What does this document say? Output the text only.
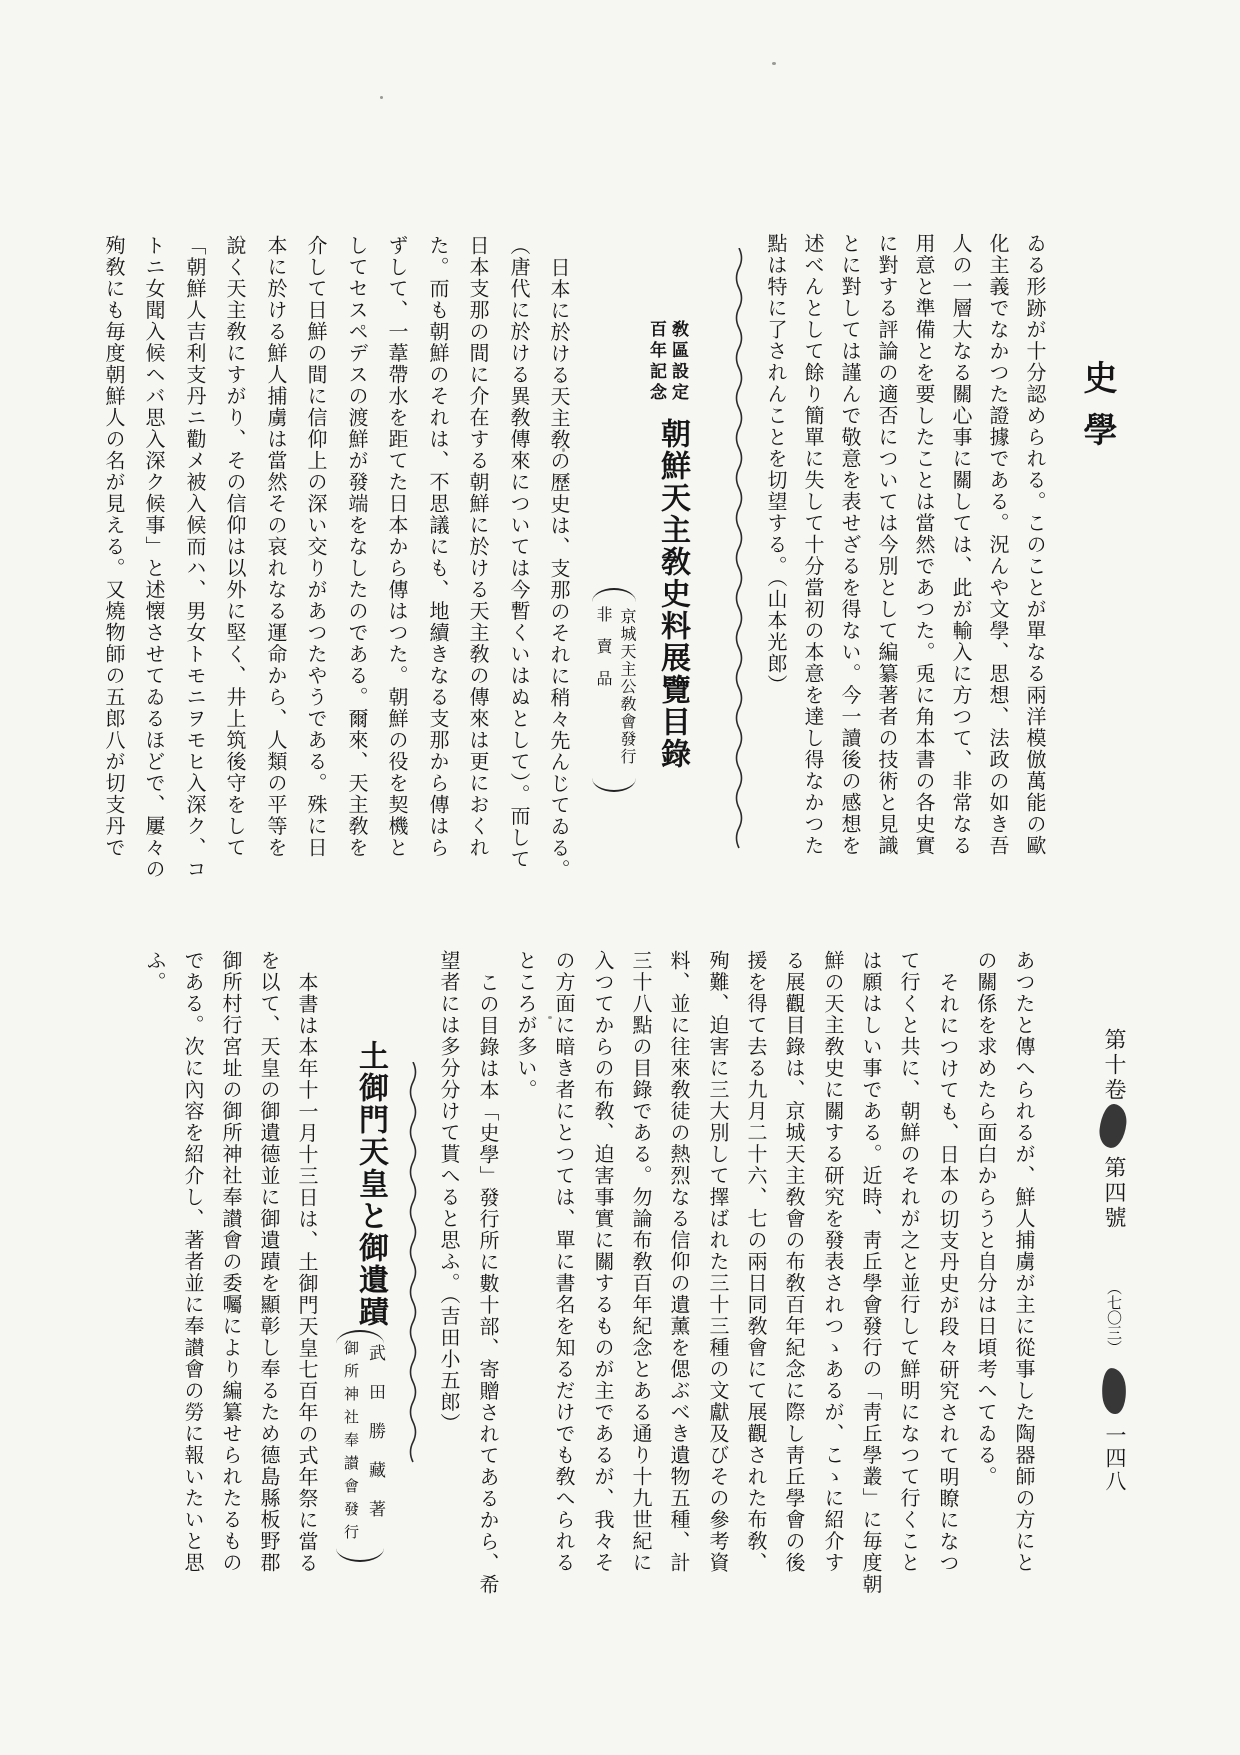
史學
ゐる形跡が十分認められる。このことが單なる兩洋模倣萬能の歐
化主義でなかつた證據である。況んや文學、思想、法政の如き吾
人の一層大なる關心事に關しては、此が輸入に方つて、非常なる
用意と準備とを要したことは當然であつた。兎に角本書の各史實
に對する評論の適否については今別として編纂著者の技術と見識
とに對しては謹んで敬意を表せざるを得ない。今一讀後の感想を
述べんとして餘り簡單に失して十分當初の本意を達し得なかつた
點は特に了されんことを切望する。（山本光郎）
敎區設定
百年記念
朝鮮天主敎史料展覽目錄
京城天主公敎會發行
非賣品
日本に於ける天主敎の歷史は、支那のそれに稍々先んじてゐる。
（唐代に於ける異敎傳來については今暫くいはぬとして）。而して
日本支那の間に介在する朝鮮に於ける天主敎の傳來は更におくれ
た。而も朝鮮のそれは、不思議にも、地續きなる支那から傳はら
ずして、一葦帶水を距てた日本から傳はつた。朝鮮の役を契機と
してセスペデスの渡鮮が發端をなしたのである。爾來、天主敎を
介して日鮮の間に信仰上の深い交りがあつたやうである。殊に日
本に於ける鮮人捕虜は當然その哀れなる運命から、人類の平等を
說く天主敎にすがり、その信仰は以外に堅く、井上筑後守をして
「朝鮮人吉利支丹ニ勸メ被入候而ハ、男女トモニヲモヒ入深ク、コ
トニ女聞入候ヘバ思入深ク候事」と述懐させてゐるほどで、屢々の
殉敎にも毎度朝鮮人の名が見える。又燒物師の五郎八が切支丹で
第十卷
第四號
（七〇三）
一四八
あつたと傳へられるが、鮮人捕虜が主に從事した陶器師の方にと
の關係を求めたら面白からうと自分は日頃考へてゐる。
それにつけても、日本の切支丹史が段々研究されて明瞭になつ
て行くと共に、朝鮮のそれが之と並行して鮮明になつて行くこと
は願はしい事である。近時、靑丘學會發行の「靑丘學叢」に毎度朝
鮮の天主敎史に關する研究を發表されつゝあるが、こゝに紹介す
る展觀目錄は、京城天主敎會の布敎百年紀念に際し靑丘學會の後
援を得て去る九月二十六、七の兩日同敎會にて展觀された布敎、
殉難、迫害に三大別して擇ばれた三十三種の文獻及びその參考資
料、並に往來敎徒の熱烈なる信仰の遺薰を偲ぶべき遺物五種、計
三十八點の目錄である。勿論布敎百年紀念とある通り十九世紀に
入つてからの布敎、迫害事實に關するものが主であるが、我々そ
の方面に暗き者にとつては、單に書名を知るだけでも敎へられる
ところが多い。
この目錄は本「史學」發行所に數十部、寄贈されてあるから、希
望者には多分分けて貰へると思ふ。（吉田小五郎）
土御門天皇と御遺蹟
武田勝藏著
御所神社奉讃會發行
本書は本年十一月十三日は、土御門天皇七百年の式年祭に當る
を以て、天皇の御遺德並に御遺蹟を顯彰し奉るため德島縣板野郡
御所村行宮址の御所神社奉讃會の委囑により編纂せられたるもの
である。次に內容を紹介し、著者並に奉讃會の勞に報いたいと思
ふ。
